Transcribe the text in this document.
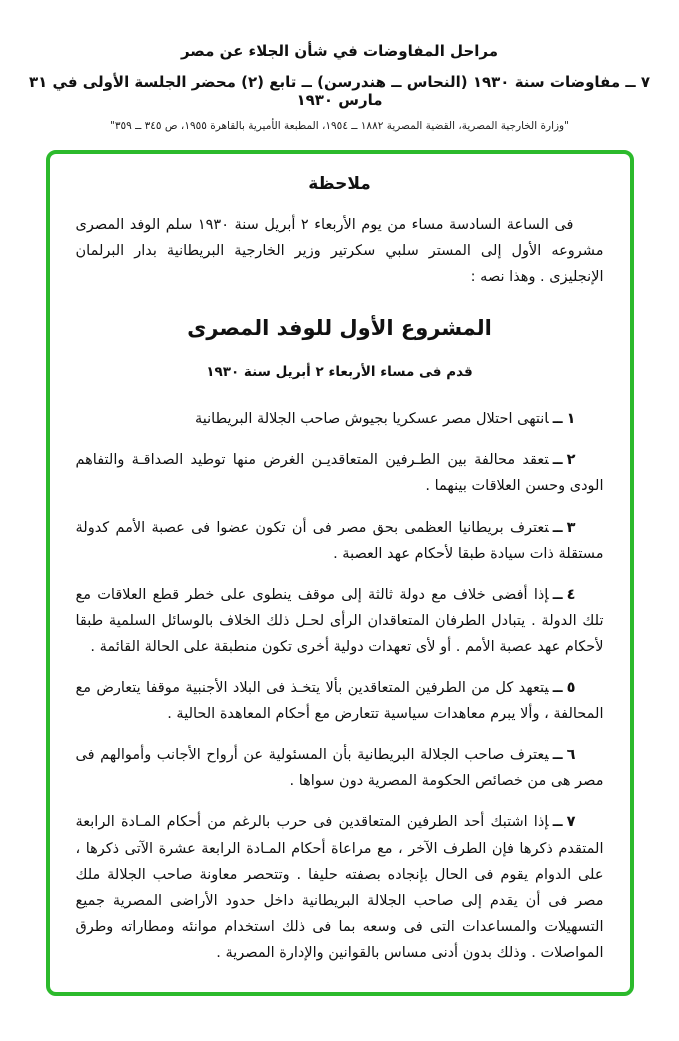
مراحل المفاوضات في شأن الجلاء عن مصر
٧ ــ مفاوضات سنة ١٩٣٠ (النحاس ــ هندرسن) ــ تابع (٢) محضر الجلسة الأولى في ٣١ مارس ١٩٣٠
"وزارة الخارجية المصرية، القضية المصرية ١٨٨٢ ــ ١٩٥٤، المطبعة الأميرية بالقاهرة ١٩٥٥، ص ٣٤٥ ــ ٣٥٩"
ملاحظة

فى الساعة السادسة مساء من يوم الأربعاء ٢ أبريل سنة ١٩٣٠ سلم الوفد المصرى مشروعه الأول إلى المستر سلبي سكرتير وزير الخارجية البريطانية بدار البرلمان الإنجليزى . وهذا نصه :

المشروع الأول للوفد المصرى
قدم فى مساء الأربعاء ٢ أبريل سنة ١٩٣٠

١ــانتهى احتلال مصر عسكريا بجيوش صاحب الجلالة البريطانية

٢ــتعقد محالفة بين الطـرفين المتعاقديـن الغرض منها توطيد الصداقـة والتفاهم الودى وحسن العلاقات بينهما .

٣ــتعترف بريطانيا العظمى بحق مصر فى أن تكون عضوا فى عصبة الأمم كدولة مستقلة ذات سيادة طبقا لأحكام عهد العصبة .

٤ــإذا أفضى خلاف مع دولة ثالثة إلى موقف ينطوى على خطر قطع العلاقات مع تلك الدولة . يتبادل الطرفان المتعاقدان الرأى لحـل ذلك الخلاف بالوسائل السلمية طبقا لأحكام عهد عصبة الأمم . أو لأى تعهدات دولية أخرى تكون منطبقة على الحالة القائمة .

٥ــيتعهد كل من الطرفين المتعاقدين بألا يتخـذ فى البلاد الأجنبية موقفا يتعارض مع المحالفة ، وألا يبرم معاهدات سياسية تتعارض مع أحكام المعاهدة الحالية .

٦ــيعترف صاحب الجلالة البريطانية بأن المسئولية عن أرواح الأجانب وأموالهم فى مصر هى من خصائص الحكومة المصرية دون سواها .

٧ــإذا اشتبك أحد الطرفين المتعاقدين فى حرب بالرغم من أحكام المـادة الرابعة المتقدم ذكرها فإن الطرف الآخر ، مع مراعاة أحكام المـادة الرابعة عشرة الآتى ذكرها ، على الدوام يقوم فى الحال بإنجاده بصفته حليفا . وتتحصر معاونة صاحب الجلالة ملك مصر فى أن يقدم إلى صاحب الجلالة البريطانية داخل حدود الأراضى المصرية جميع التسهيلات والمساعدات التى فى وسعه بما فى ذلك استخدام موانئه ومطاراته وطرق المواصلات . وذلك بدون أدنى مساس بالقوانين والإدارة المصرية .
